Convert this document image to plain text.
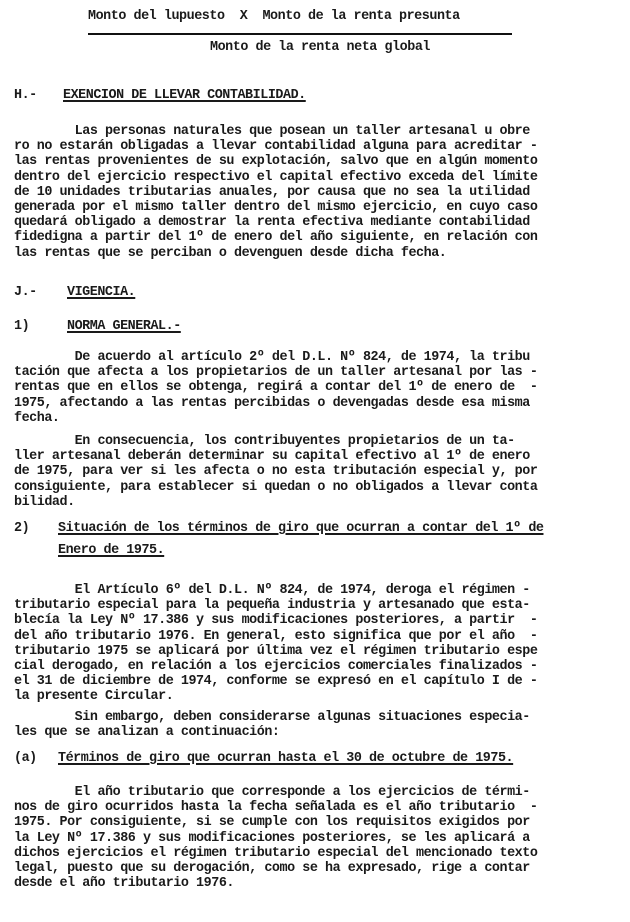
Monto del lupuesto  X  Monto de la renta presunta
Monto de la renta neta global
H.- EXENCION DE LLEVAR CONTABILIDAD.
Las personas naturales que posean un taller artesanal u obre
ro no estarán obligadas a llevar contabilidad alguna para acreditar -
las rentas provenientes de su explotación, salvo que en algún momento
dentro del ejercicio respectivo el capital efectivo exceda del límite
de 10 unidades tributarias anuales, por causa que no sea la utilidad
generada por el mismo taller dentro del mismo ejercicio, en cuyo caso
quedará obligado a demostrar la renta efectiva mediante contabilidad
fidedigna a partir del 1º de enero del año siguiente, en relación con
las rentas que se perciban o devenguen desde dicha fecha.
J.- VIGENCIA.
1)	NORMA GENERAL.-
De acuerdo al artículo 2º del D.L. Nº 824, de 1974, la tribu
tación que afecta a los propietarios de un taller artesanal por las -
rentas que en ellos se obtenga, regirá a contar del 1º de enero de  -
1975, afectando a las rentas percibidas o devengadas desde esa misma
fecha.
En consecuencia, los contribuyentes propietarios de un ta-
ller artesanal deberán determinar su capital efectivo al 1º de enero
de 1975, para ver si les afecta o no esta tributación especial y, por
consiguiente, para establecer si quedan o no obligados a llevar conta
bilidad.
2) Situación de los términos de giro que ocurran a contar del 1º de
Enero de 1975.
El Artículo 6º del D.L. Nº 824, de 1974, deroga el régimen -
tributario especial para la pequeña industria y artesanado que esta-
blecía la Ley Nº 17.386 y sus modificaciones posteriores, a partir  -
del año tributario 1976. En general, esto significa que por el año  -
tributario 1975 se aplicará por última vez el régimen tributario espe
cial derogado, en relación a los ejercicios comerciales finalizados -
el 31 de diciembre de 1974, conforme se expresó en el capítulo I de -
la presente Circular.
Sin embargo, deben considerarse algunas situaciones especia-
les que se analizan a continuación:
(a) Términos de giro que ocurran hasta el 30 de octubre de 1975.
El año tributario que corresponde a los ejercicios de térmi-
nos de giro ocurridos hasta la fecha señalada es el año tributario  -
1975. Por consiguiente, si se cumple con los requisitos exigidos por
la Ley Nº 17.386 y sus modificaciones posteriores, se les aplicará a
dichos ejercicios el régimen tributario especial del mencionado texto
legal, puesto que su derogación, como se ha expresado, rige a contar
desde el año tributario 1976.
